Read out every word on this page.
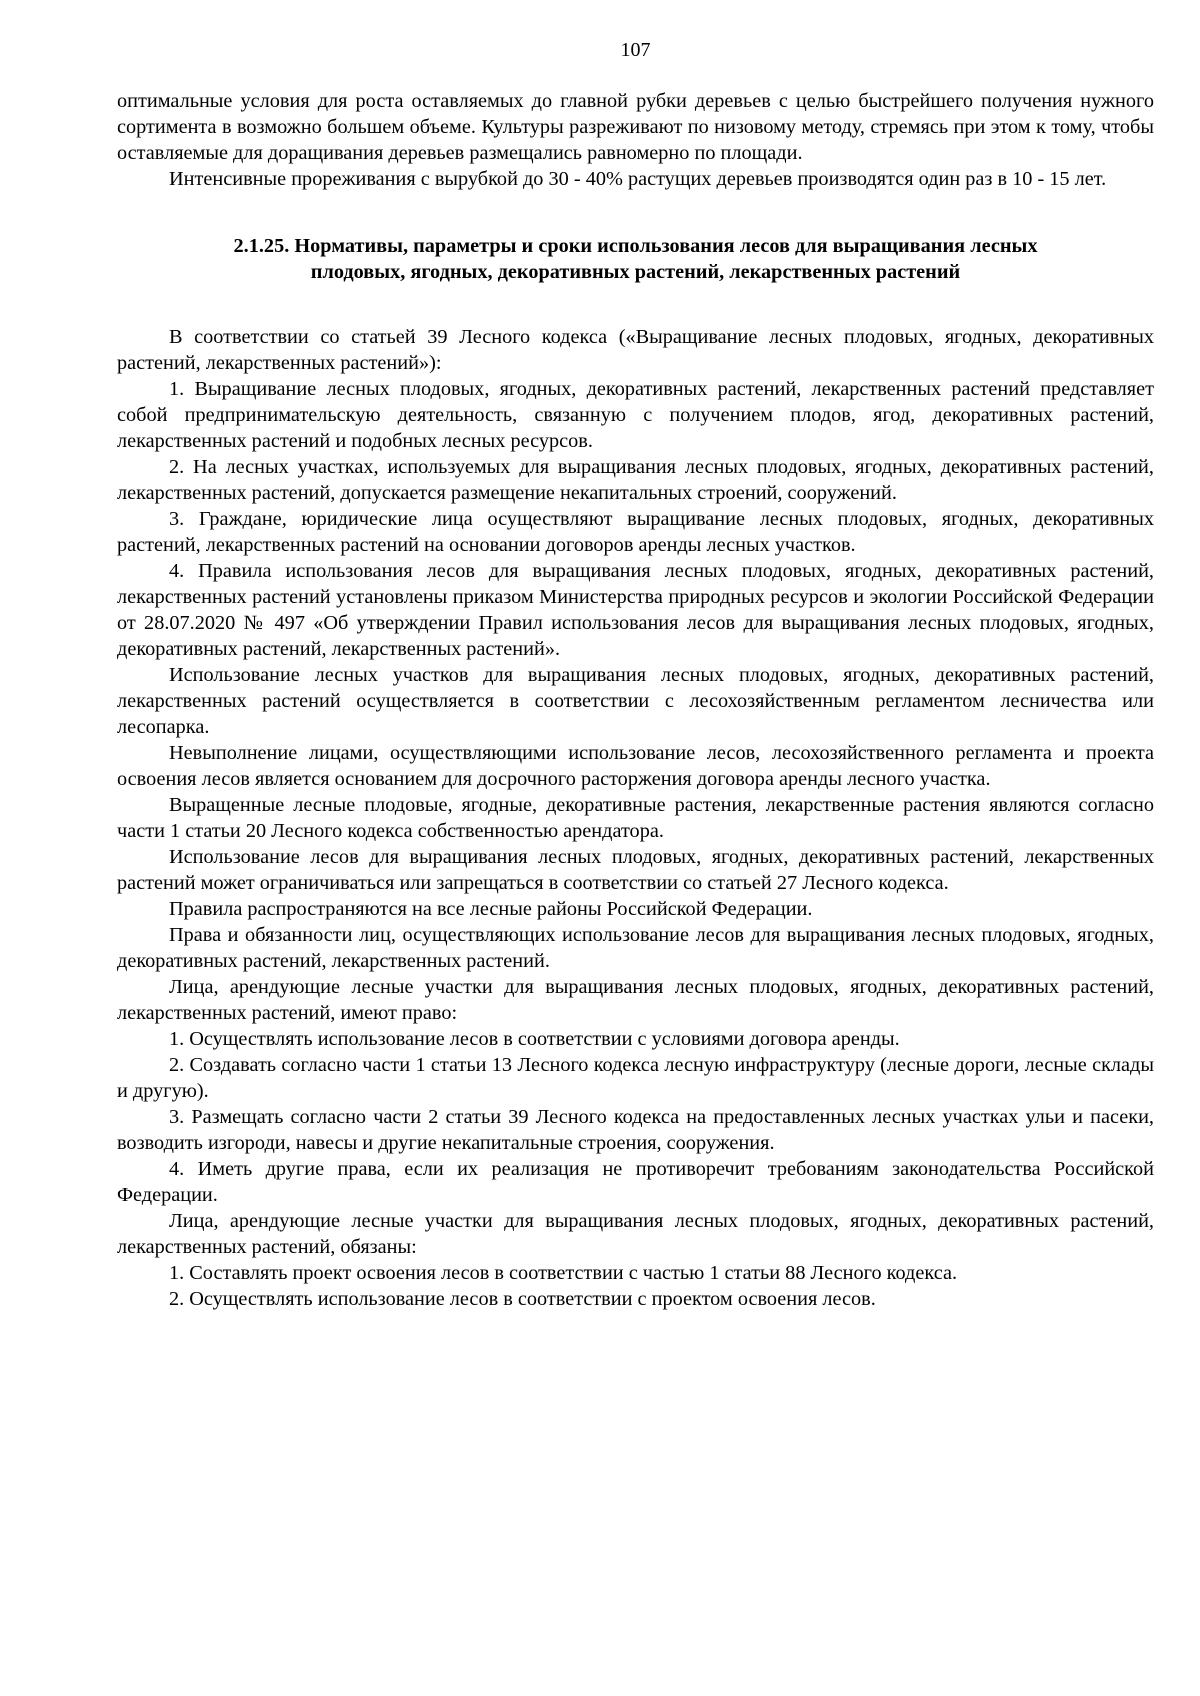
107

оптимальные условия для роста оставляемых до главной рубки деревьев с целью быстрейшего получения нужного сортимента в возможно большем объеме. Культуры разреживают по низовому методу, стремясь при этом к тому, чтобы оставляемые для доращивания деревьев размещались равномерно по площади.

Интенсивные прореживания с вырубкой до 30 - 40% растущих деревьев производятся один раз в 10 - 15 лет.

2.1.25. Нормативы, параметры и сроки использования лесов для выращивания лесных
плодовых, ягодных, декоративных растений, лекарственных растений

В соответствии со статьей 39 Лесного кодекса («Выращивание лесных плодовых, ягодных, декоративных растений, лекарственных растений»):

1. Выращивание лесных плодовых, ягодных, декоративных растений, лекарственных растений представляет собой предпринимательскую деятельность, связанную с получением плодов, ягод, декоративных растений, лекарственных растений и подобных лесных ресурсов.

2. На лесных участках, используемых для выращивания лесных плодовых, ягодных, декоративных растений, лекарственных растений, допускается размещение некапитальных строений, сооружений.

3. Граждане, юридические лица осуществляют выращивание лесных плодовых, ягодных, декоративных растений, лекарственных растений на основании договоров аренды лесных участков.

4. Правила использования лесов для выращивания лесных плодовых, ягодных, декоративных растений, лекарственных растений установлены приказом Министерства природных ресурсов и экологии Российской Федерации от 28.07.2020 № 497 «Об утверждении Правил использования лесов для выращивания лесных плодовых, ягодных, декоративных растений, лекарственных растений».

Использование лесных участков для выращивания лесных плодовых, ягодных, декоративных растений, лекарственных растений осуществляется в соответствии с лесохозяйственным регламентом лесничества или лесопарка.

Невыполнение лицами, осуществляющими использование лесов, лесохозяйственного регламента и проекта освоения лесов является основанием для досрочного расторжения договора аренды лесного участка.

Выращенные лесные плодовые, ягодные, декоративные растения, лекарственные растения являются согласно части 1 статьи 20 Лесного кодекса собственностью арендатора.

Использование лесов для выращивания лесных плодовых, ягодных, декоративных растений, лекарственных растений может ограничиваться или запрещаться в соответствии со статьей 27 Лесного кодекса.

Правила распространяются на все лесные районы Российской Федерации.

Права и обязанности лиц, осуществляющих использование лесов для выращивания лесных плодовых, ягодных, декоративных растений, лекарственных растений.

Лица, арендующие лесные участки для выращивания лесных плодовых, ягодных, декоративных растений, лекарственных растений, имеют право:

1. Осуществлять использование лесов в соответствии с условиями договора аренды.

2. Создавать согласно части 1 статьи 13 Лесного кодекса лесную инфраструктуру (лесные дороги, лесные склады и другую).

3. Размещать согласно части 2 статьи 39 Лесного кодекса на предоставленных лесных участках ульи и пасеки, возводить изгороди, навесы и другие некапитальные строения, сооружения.

4. Иметь другие права, если их реализация не противоречит требованиям законодательства Российской Федерации.

Лица, арендующие лесные участки для выращивания лесных плодовых, ягодных, декоративных растений, лекарственных растений, обязаны:

1. Составлять проект освоения лесов в соответствии с частью 1 статьи 88 Лесного кодекса.

2. Осуществлять использование лесов в соответствии с проектом освоения лесов.
